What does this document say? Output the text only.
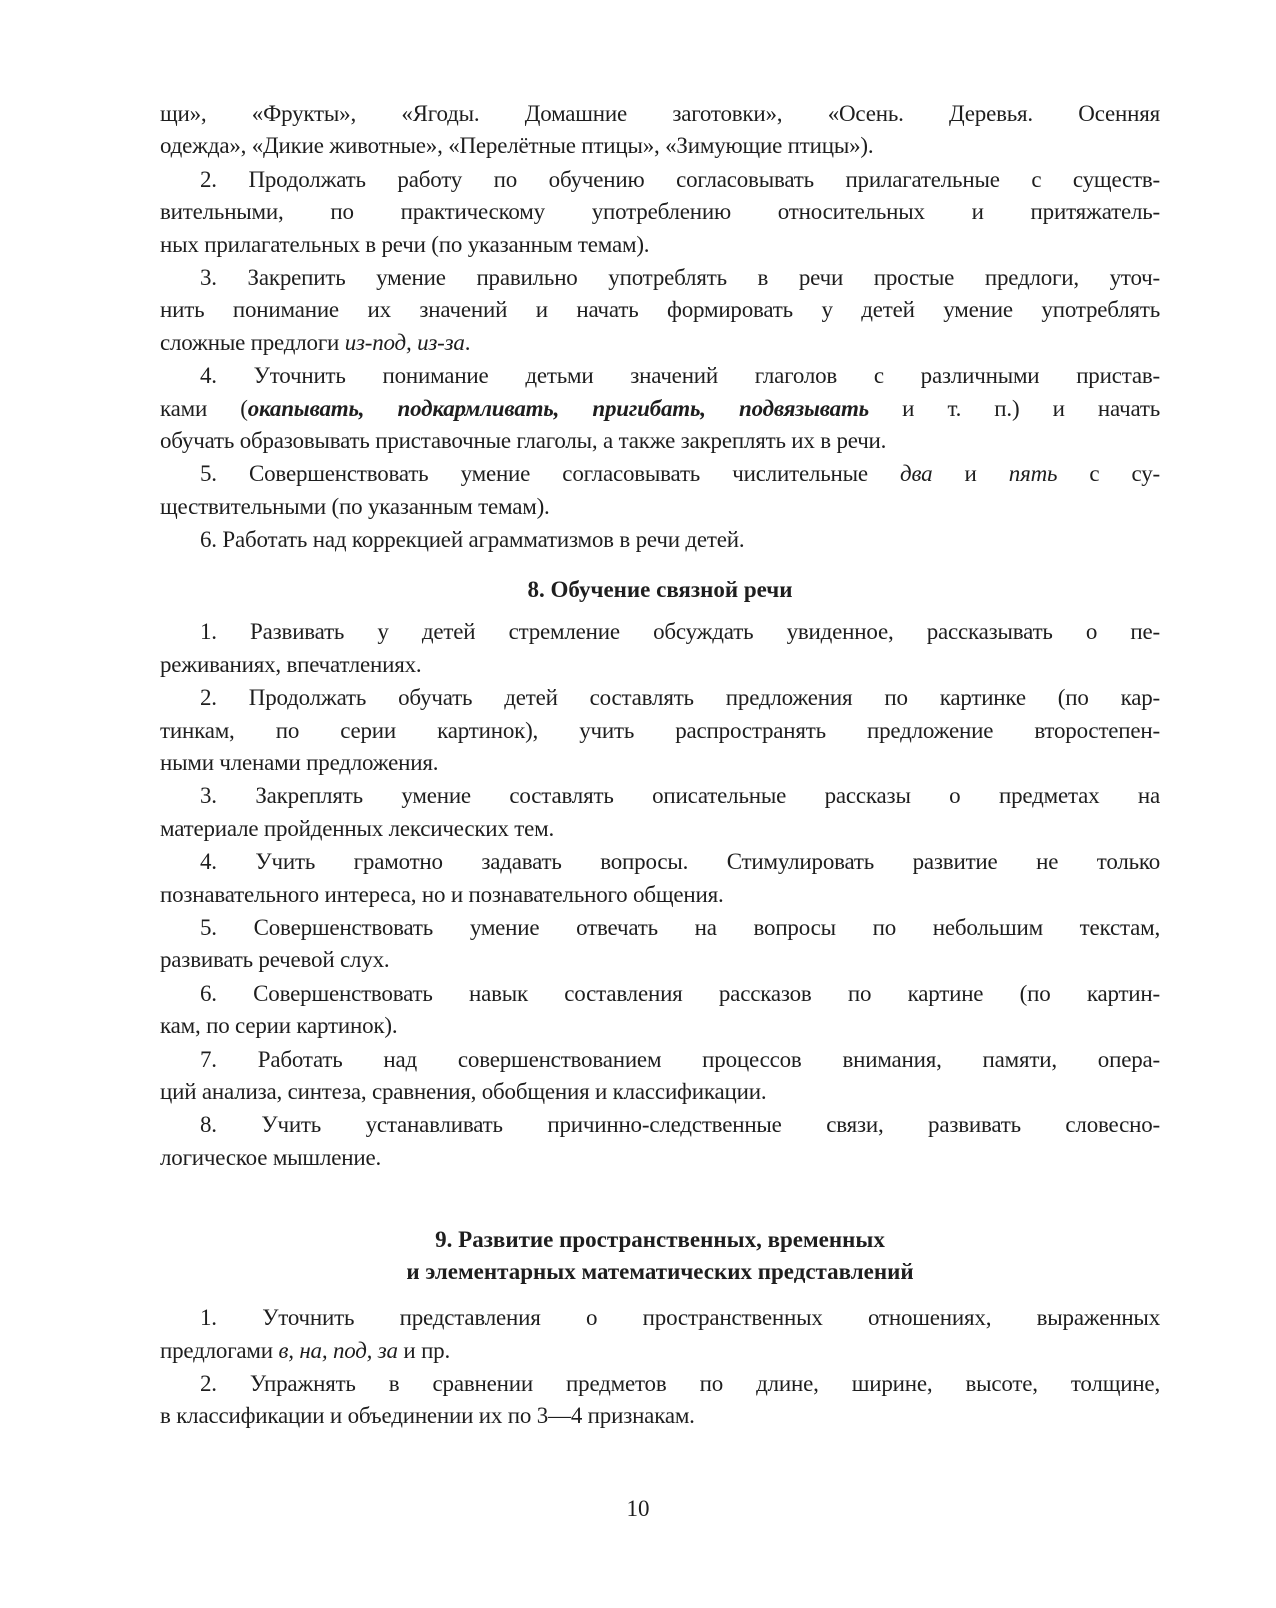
щи», «Фрукты», «Ягоды. Домашние заготовки», «Осень. Деревья. Осенняя
одежда», «Дикие животные», «Перелётные птицы», «Зимующие птицы»).
2. Продолжать работу по обучению согласовывать прилагательные с существ-
вительными, по практическому употреблению относительных и притяжатель-
ных прилагательных в речи (по указанным темам).
3. Закрепить умение правильно употреблять в речи простые предлоги, уточ-
нить понимание их значений и начать формировать у детей умение употреблять
сложные предлоги из-под, из-за.
4. Уточнить понимание детьми значений глаголов с различными пристав-
ками (окапывать, подкармливать, пригибать, подвязывать и т. п.) и начать
обучать образовывать приставочные глаголы, а также закреплять их в речи.
5. Совершенствовать умение согласовывать числительные два и пять с су-
ществительными (по указанным темам).
6. Работать над коррекцией аграмматизмов в речи детей.
8. Обучение связной речи
1. Развивать у детей стремление обсуждать увиденное, рассказывать о пе-
реживаниях, впечатлениях.
2. Продолжать обучать детей составлять предложения по картинке (по кар-
тинкам, по серии картинок), учить распространять предложение второстепен-
ными членами предложения.
3. Закреплять умение составлять описательные рассказы о предметах на
материале пройденных лексических тем.
4. Учить грамотно задавать вопросы. Стимулировать развитие не только
познавательного интереса, но и познавательного общения.
5. Совершенствовать умение отвечать на вопросы по небольшим текстам,
развивать речевой слух.
6. Совершенствовать навык составления рассказов по картине (по картин-
кам, по серии картинок).
7. Работать над совершенствованием процессов внимания, памяти, опера-
ций анализа, синтеза, сравнения, обобщения и классификации.
8. Учить устанавливать причинно-следственные связи, развивать словесно-
логическое мышление.
9. Развитие пространственных, временных
и элементарных математических представлений
1. Уточнить представления о пространственных отношениях, выраженных
предлогами в, на, под, за и пр.
2. Упражнять в сравнении предметов по длине, ширине, высоте, толщине,
в классификации и объединении их по 3—4 признакам.
10
